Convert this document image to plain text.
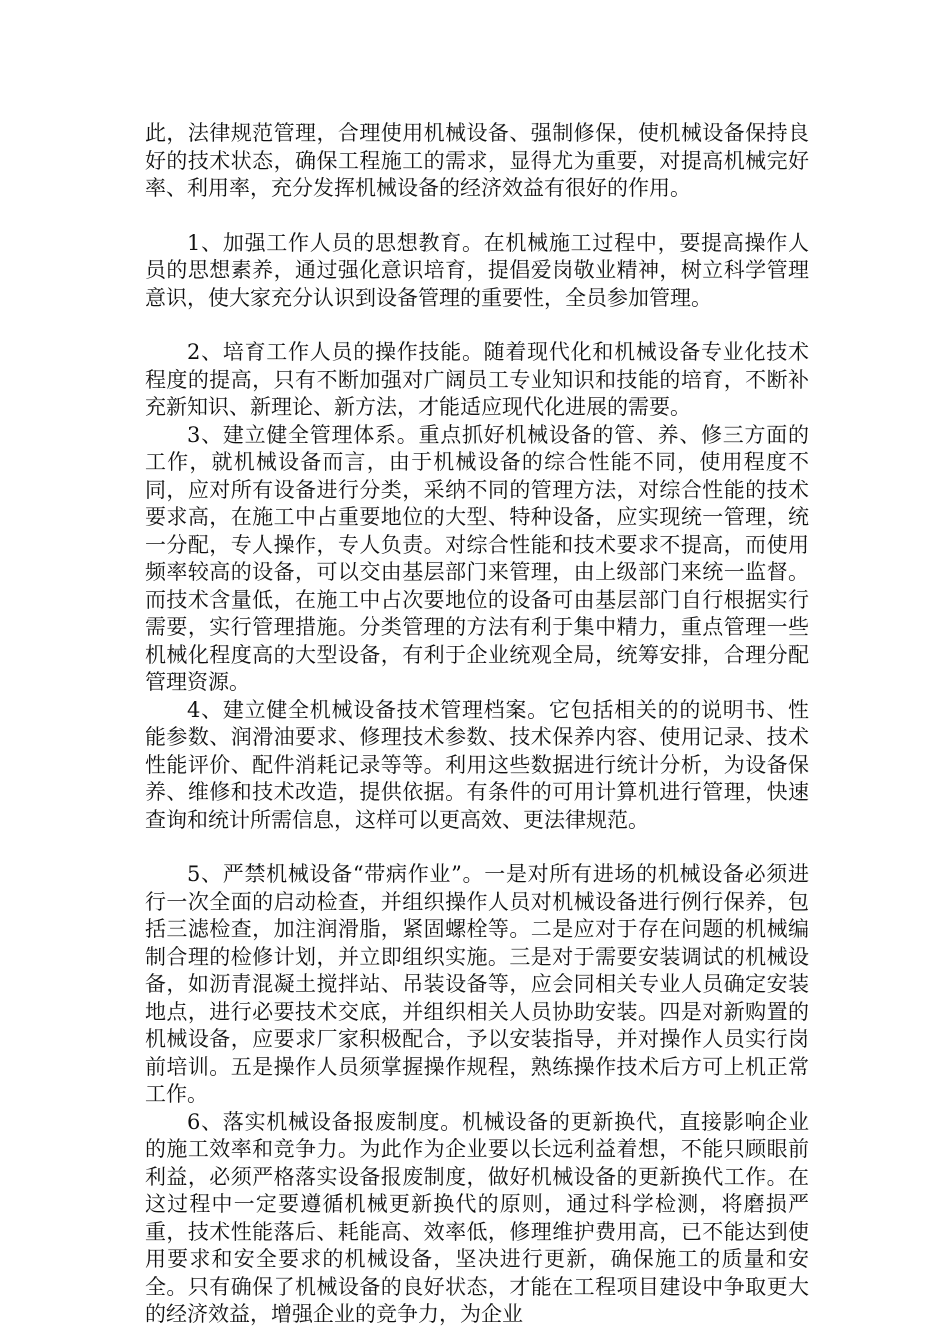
此，法律规范管理，合理使用机械设备、强制修保，使机械设备保持良好的技术状态，确保工程施工的需求，显得尤为重要，对提高机械完好率、利用率，充分发挥机械设备的经济效益有很好的作用。

1、加强工作人员的思想教育。在机械施工过程中，要提高操作人员的思想素养，通过强化意识培育，提倡爱岗敬业精神，树立科学管理意识，使大家充分认识到设备管理的重要性，全员参加管理。

2、培育工作人员的操作技能。随着现代化和机械设备专业化技术程度的提高，只有不断加强对广阔员工专业知识和技能的培育，不断补充新知识、新理论、新方法，才能适应现代化进展的需要。

3、建立健全管理体系。重点抓好机械设备的管、养、修三方面的工作，就机械设备而言，由于机械设备的综合性能不同，使用程度不同，应对所有设备进行分类，采纳不同的管理方法，对综合性能的技术要求高，在施工中占重要地位的大型、特种设备，应实现统一管理，统一分配，专人操作，专人负责。对综合性能和技术要求不提高，而使用频率较高的设备，可以交由基层部门来管理，由上级部门来统一监督。而技术含量低，在施工中占次要地位的设备可由基层部门自行根据实行需要，实行管理措施。分类管理的方法有利于集中精力，重点管理一些机械化程度高的大型设备，有利于企业统观全局，统筹安排，合理分配管理资源。

4、建立健全机械设备技术管理档案。它包括相关的的说明书、性能参数、润滑油要求、修理技术参数、技术保养内容、使用记录、技术性能评价、配件消耗记录等等。利用这些数据进行统计分析，为设备保养、维修和技术改造，提供依据。有条件的可用计算机进行管理，快速查询和统计所需信息，这样可以更高效、更法律规范。

5、严禁机械设备“带病作业”。一是对所有进场的机械设备必须进行一次全面的启动检查，并组织操作人员对机械设备进行例行保养，包括三滤检查，加注润滑脂，紧固螺栓等。二是应对于存在问题的机械编制合理的检修计划，并立即组织实施。三是对于需要安装调试的机械设备，如沥青混凝土搅拌站、吊装设备等，应会同相关专业人员确定安装地点，进行必要技术交底，并组织相关人员协助安装。四是对新购置的机械设备，应要求厂家积极配合，予以安装指导，并对操作人员实行岗前培训。五是操作人员须掌握操作规程，熟练操作技术后方可上机正常工作。

6、落实机械设备报废制度。机械设备的更新换代，直接影响企业的施工效率和竞争力。为此作为企业要以长远利益着想，不能只顾眼前利益，必须严格落实设备报废制度，做好机械设备的更新换代工作。在这过程中一定要遵循机械更新换代的原则，通过科学检测，将磨损严重，技术性能落后、耗能高、效率低，修理维护费用高，已不能达到使用要求和安全要求的机械设备，坚决进行更新，确保施工的质量和安全。只有确保了机械设备的良好状态，才能在工程项目建设中争取更大的经济效益，增强企业的竞争力，为企业
